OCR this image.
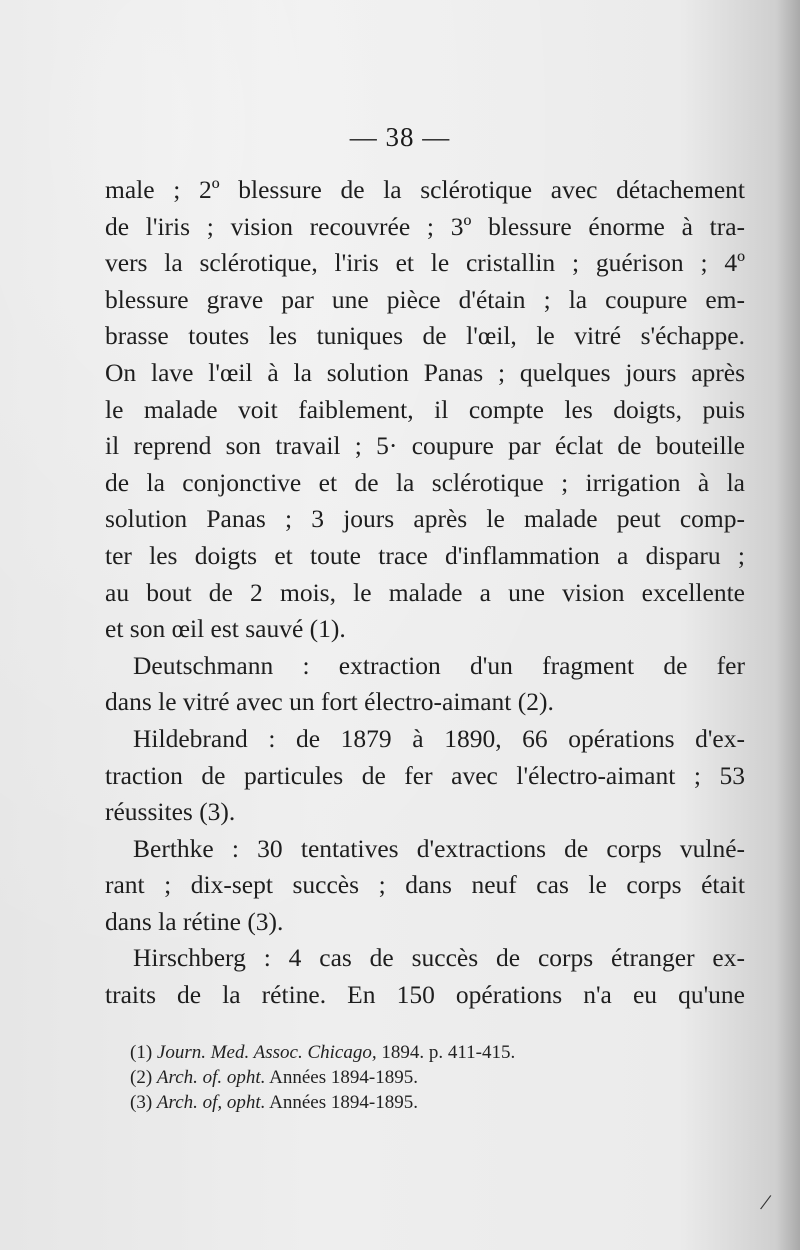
— 38 —
male ; 2º blessure de la sclérotique avec détachement
de l'iris ; vision recouvrée ; 3º blessure énorme à tra-
vers la sclérotique, l'iris et le cristallin ; guérison ; 4º
blessure grave par une pièce d'étain ; la coupure em-
brasse toutes les tuniques de l'œil, le vitré s'échappe.
On lave l'œil à la solution Panas ; quelques jours après
le malade voit faiblement, il compte les doigts, puis
il reprend son travail ; 5· coupure par éclat de bouteille
de la conjonctive et de la sclérotique ; irrigation à la
solution Panas ; 3 jours après le malade peut comp-
ter les doigts et toute trace d'inflammation a disparu ;
au bout de 2 mois, le malade a une vision excellente
et son œil est sauvé (1).
Deutschmann : extraction d'un fragment de fer
dans le vitré avec un fort électro-aimant (2).
Hildebrand : de 1879 à 1890, 66 opérations d'ex-
traction de particules de fer avec l'électro-aimant ; 53
réussites (3).
Berthke : 30 tentatives d'extractions de corps vulné-
rant ; dix-sept succès ; dans neuf cas le corps était
dans la rétine (3).
Hirschberg : 4 cas de succès de corps étranger ex-
traits de la rétine. En 150 opérations n'a eu qu'une
(1) Journ. Med. Assoc. Chicago, 1894. p. 411-415.
(2) Arch. of. opht. Années 1894-1895.
(3) Arch. of, opht. Années 1894-1895.
/
